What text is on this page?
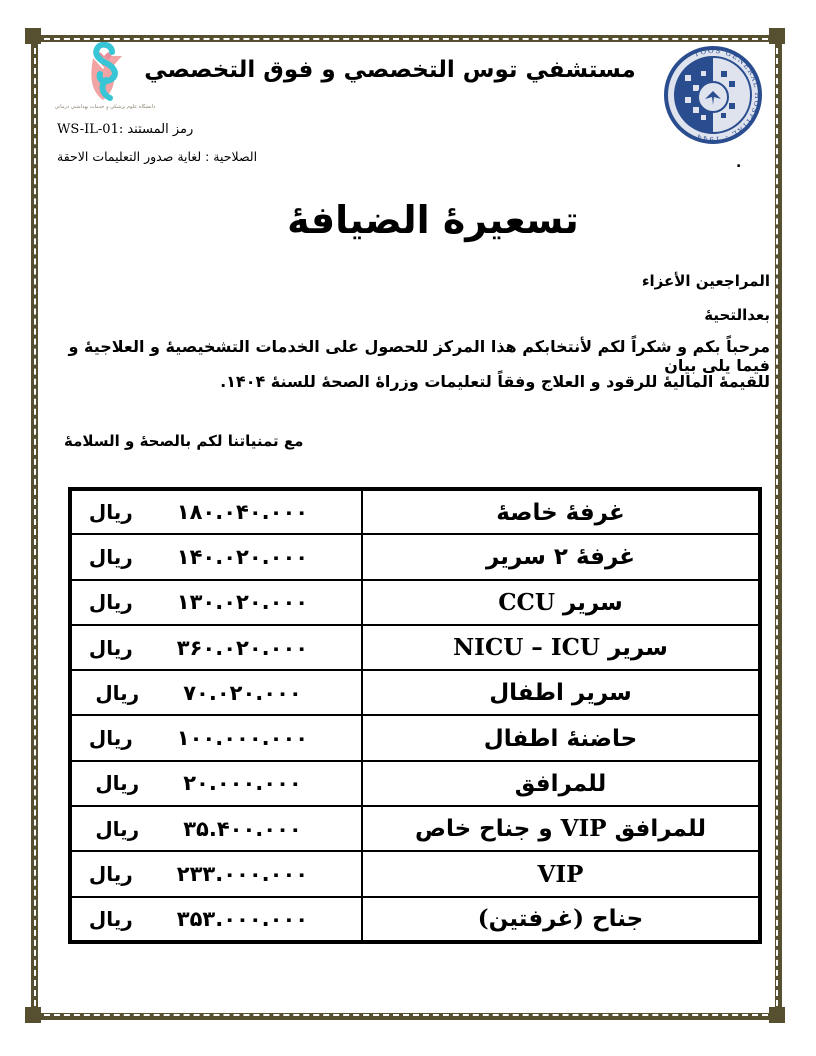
دانشگاه علوم پزشكي و خدمات بهداشتي درماني
مستشفي توس التخصصي و فوق التخصصي
TOOS GENERAL HOSPITAL - 1944
رمز المستند :WS-IL-01
الصلاحية : لغاية صدور التعليمات الاحقة	.
تسعيرۀ الضيافۀ
المراجعين الأعزاء
بعدالتحيۀ
مرحباً بكم و شكراً لكم لأنتخابكم هذا المركز للحصول على الخدمات التشخيصيۀ و العلاجيۀ و فيما يلى بيان
للقيمۀ الماليۀ للرقود و العلاج وفقاً لتعليمات وزراۀ الصحۀ للسنۀ ۱۴۰۴.
مع تمنياتنا لكم بالصحۀ و السلامۀ
غرفۀ خاصۀ	۱۸۰.۰۴۰.۰۰۰
ريال

غرفۀ ۲ سرير	۱۴۰.۰۲۰.۰۰۰
ريال

سرير CCU	۱۳۰.۰۲۰.۰۰۰
ريال

سرير NICU – ICU	۳۶۰.۰۲۰.۰۰۰
ريال

سرير اطفال	۷۰.۰۲۰.۰۰۰
ريال

حاضنۀ اطفال	۱۰۰.۰۰۰.۰۰۰
ريال

للمرافق	۲۰.۰۰۰.۰۰۰
ريال

للمرافق VIP و جناح خاص	۳۵.۴۰۰.۰۰۰
ريال

VIP	۲۳۳.۰۰۰.۰۰۰
ريال

جناح (غرفتين)	۳۵۳.۰۰۰.۰۰۰
ريال
